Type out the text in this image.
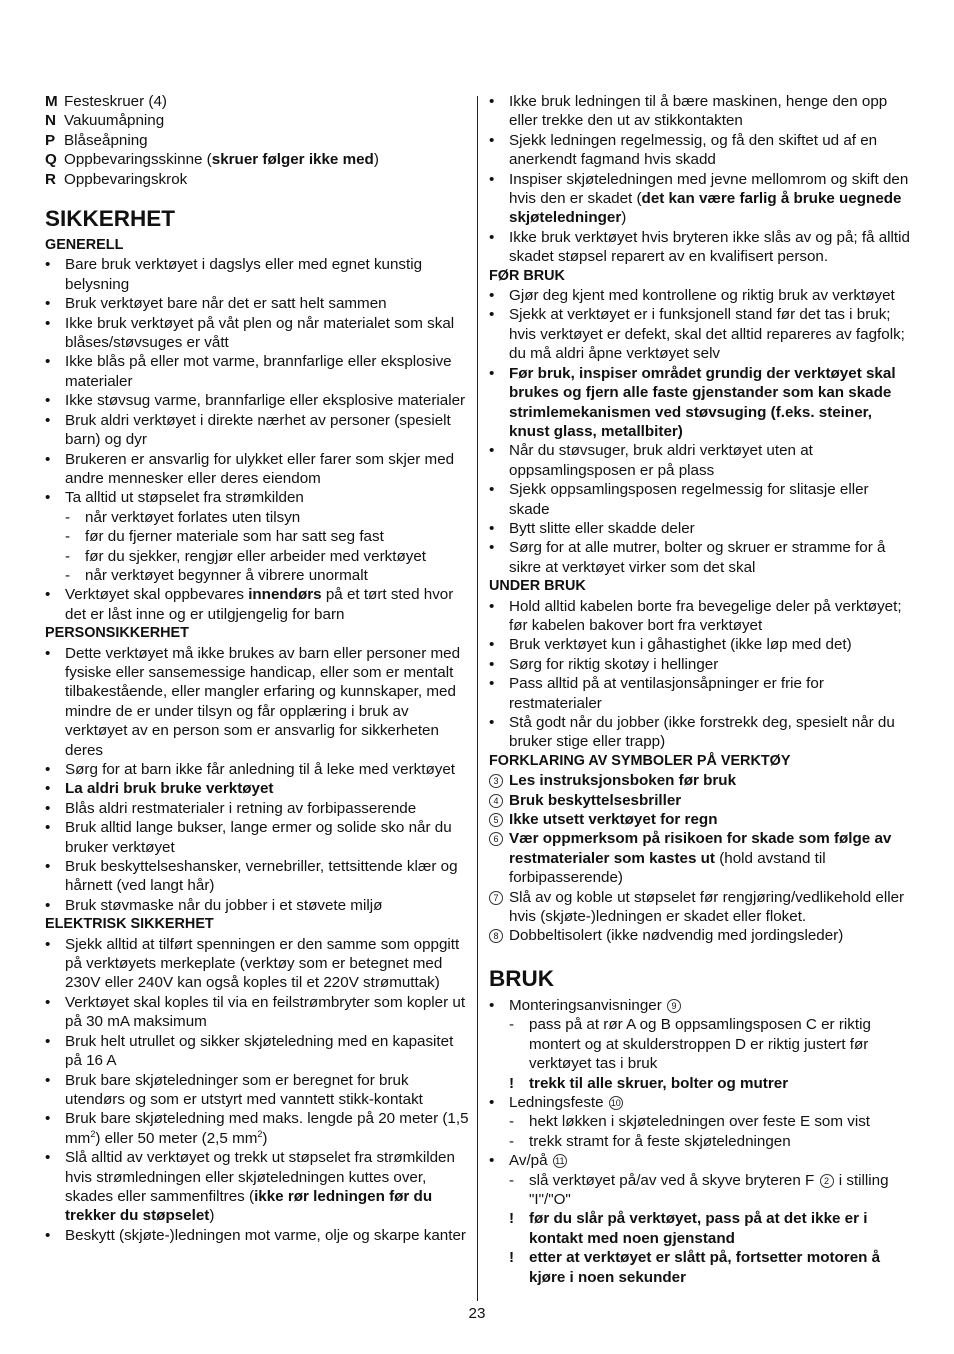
M Festeskruer (4)
N Vakuumåpning
P Blåseåpning
Q Oppbevaringsskinne (skruer følger ikke med)
R Oppbevaringskrok
SIKKERHET
GENERELL
• Bare bruk verktøyet i dagslys eller med egnet kunstig belysning
• Bruk verktøyet bare når det er satt helt sammen
• Ikke bruk verktøyet på våt plen og når materialet som skal blåses/støvsuges er vått
• Ikke blås på eller mot varme, brannfarlige eller eksplosive materialer
• Ikke støvsug varme, brannfarlige eller eksplosive materialer
• Bruk aldri verktøyet i direkte nærhet av personer (spesielt barn) og dyr
• Brukeren er ansvarlig for ulykket eller farer som skjer med andre mennesker eller deres eiendom
• Ta alltid ut støpselet fra strømkilden
- når verktøyet forlates uten tilsyn
- før du fjerner materiale som har satt seg fast
- før du sjekker, rengjør eller arbeider med verktøyet
- når verktøyet begynner å vibrere unormalt
• Verktøyet skal oppbevares innendørs på et tørt sted hvor det er låst inne og er utilgjengelig for barn
PERSONSIKKERHET
• Dette verktøyet må ikke brukes av barn eller personer med fysiske eller sansemessige handicap, eller som er mentalt tilbakestående, eller mangler erfaring og kunnskaper, med mindre de er under tilsyn og får opplæring i bruk av verktøyet av en person som er ansvarlig for sikkerheten deres
• Sørg for at barn ikke får anledning til å leke med verktøyet
• La aldri bruk bruke verktøyet
• Blås aldri restmaterialer i retning av forbipasserende
• Bruk alltid lange bukser, lange ermer og solide sko når du bruker verktøyet
• Bruk beskyttelseshansker, vernebriller, tettsittende klær og hårnett (ved langt hår)
• Bruk støvmaske når du jobber i et støvete miljø
ELEKTRISK SIKKERHET
• Sjekk alltid at tilført spenningen er den samme som oppgitt på verktøyets merkeplate (verktøy som er betegnet med 230V eller 240V kan også koples til et 220V strømuttak)
• Verktøyet skal koples til via en feilstrømbryter som kopler ut på 30 mA maksimum
• Bruk helt utrullet og sikker skjøteledning med en kapasitet på 16 A
• Bruk bare skjøteledninger som er beregnet for bruk utendørs og som er utstyrt med vanntett stikk-kontakt
• Bruk bare skjøteledning med maks. lengde på 20 meter (1,5 $mm^2$) eller 50 meter (2,5 $mm^2$)
• Slå alltid av verktøyet og trekk ut støpselet fra strømkilden hvis strømledningen eller skjøteledningen kuttes over, skades eller sammenfiltres (ikke rør ledningen før du trekker du støpselet)
• Beskytt (skjøte-)ledningen mot varme, olje og skarpe kanter
• Ikke bruk ledningen til å bære maskinen, henge den opp eller trekke den ut av stikkontakten
• Sjekk ledningen regelmessig, og få den skiftet ud af en anerkendt fagmand hvis skadd
• Inspiser skjøteledningen med jevne mellomrom og skift den hvis den er skadet (det kan være farlig å bruke uegnede skjøteledninger)
• Ikke bruk verktøyet hvis bryteren ikke slås av og på; få alltid skadet støpsel reparert av en kvalifisert person.
FØR BRUK
• Gjør deg kjent med kontrollene og riktig bruk av verktøyet
• Sjekk at verktøyet er i funksjonell stand før det tas i bruk; hvis verktøyet er defekt, skal det alltid repareres av fagfolk; du må aldri åpne verktøyet selv
• Før bruk, inspiser området grundig der verktøyet skal brukes og fjern alle faste gjenstander som kan skade strimlemekanismen ved støvsuging (f.eks. steiner, knust glass, metallbiter)
• Når du støvsuger, bruk aldri verktøyet uten at oppsamlingsposen er på plass
• Sjekk oppsamlingsposen regelmessig for slitasje eller skade
• Bytt slitte eller skadde deler
• Sørg for at alle mutrer, bolter og skruer er stramme for å sikre at verktøyet virker som det skal
UNDER BRUK
• Hold alltid kabelen borte fra bevegelige deler på verktøyet; før kabelen bakover bort fra verktøyet
• Bruk verktøyet kun i gåhastighet (ikke løp med det)
• Sørg for riktig skotøy i hellinger
• Pass alltid på at ventilasjonsåpninger er frie for restmaterialer
• Stå godt når du jobber (ikke forstrekk deg, spesielt når du bruker stige eller trapp)
FORKLARING AV SYMBOLER PÅ VERKTØY
3 Les instruksjonsboken før bruk
4 Bruk beskyttelsesbriller
5 Ikke utsett verktøyet for regn
6 Vær oppmerksom på risikoen for skade som følge av restmaterialer som kastes ut (hold avstand til forbipasserende)
7 Slå av og koble ut støpselet før rengjøring/vedlikehold eller hvis (skjøte-)ledningen er skadet eller floket.
8 Dobbeltisolert (ikke nødvendig med jordingsleder)
BRUK
• Monteringsanvisninger 9
- pass på at rør A og B oppsamlingsposen C er riktig montert og at skulderstroppen D er riktig justert før verktøyet tas i bruk
! trekk til alle skruer, bolter og mutrer
• Ledningsfeste 10
- hekt løkken i skjøteledningen over feste E som vist
- trekk stramt for å feste skjøteledningen
• Av/på 11
- slå verktøyet på/av ved å skyve bryteren F 2 i stilling "I"/"O"
! før du slår på verktøyet, pass på at det ikke er i kontakt med noen gjenstand
! etter at verktøyet er slått på, fortsetter motoren å kjøre i noen sekunder
23
